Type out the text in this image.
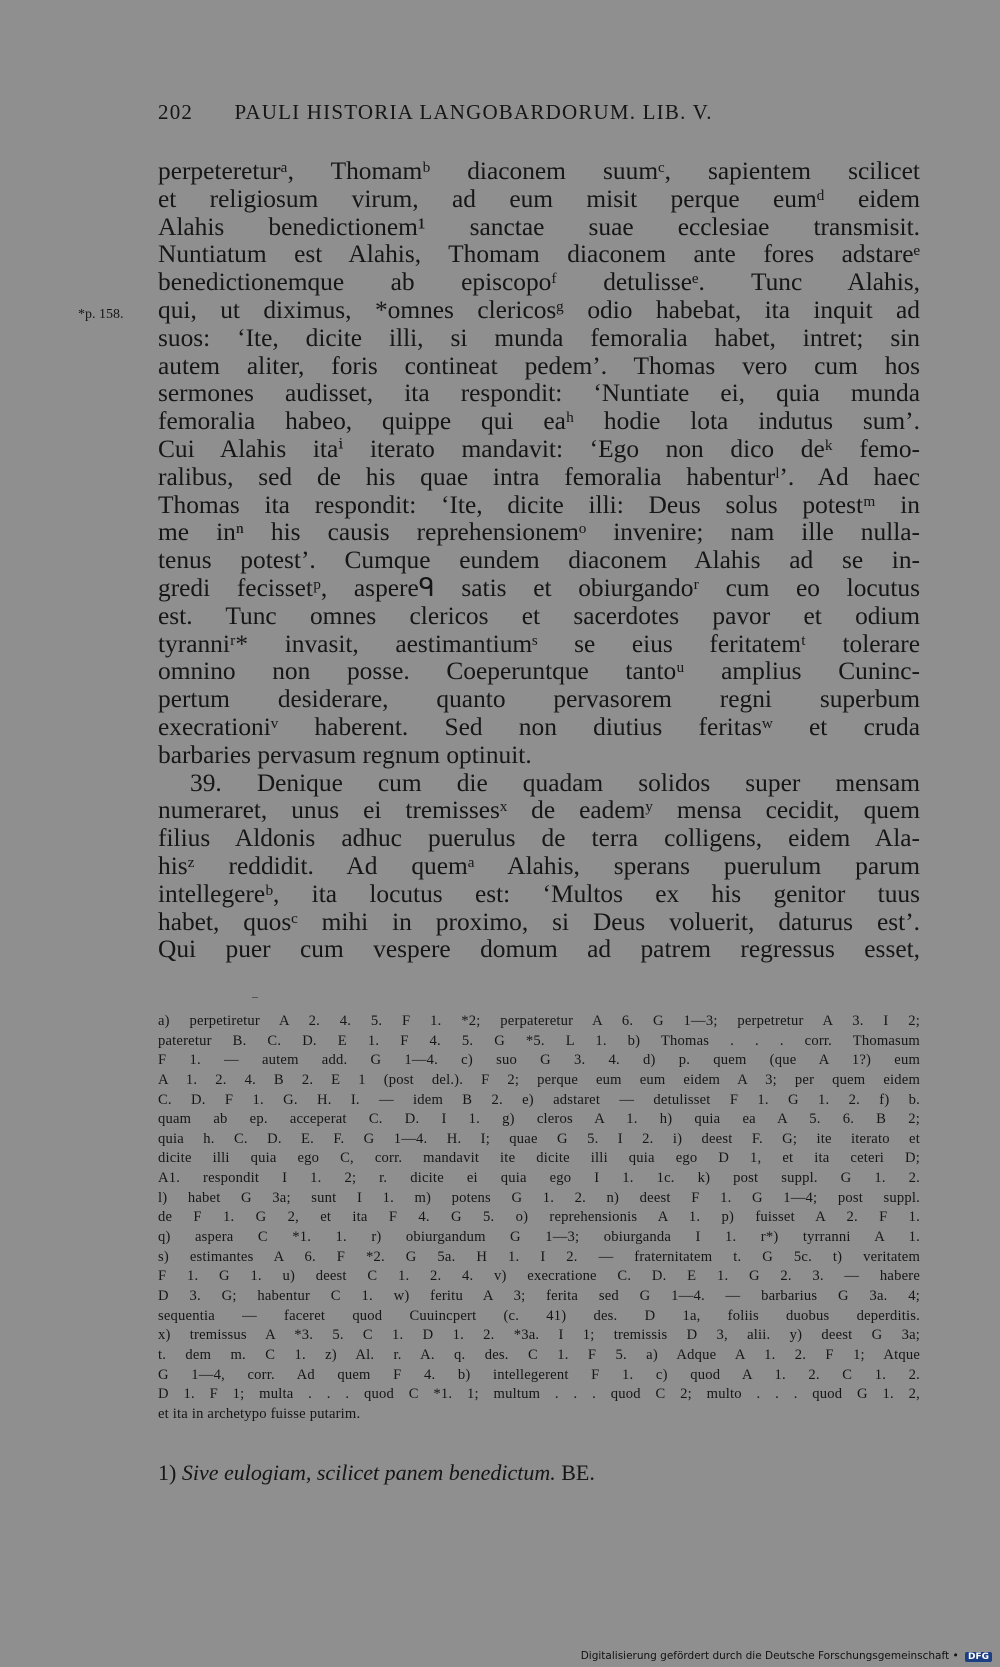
202 PAULI HISTORIA LANGOBARDORUM. LIB. V.
*p. 158.
perpetereturᵃ, Thomamᵇ diaconem suumᶜ, sapientem scilicet
et religiosum virum, ad eum misit perque eumᵈ eidem
Alahis benedictionem¹ sanctae suae ecclesiae transmisit.
Nuntiatum est Alahis, Thomam diaconem ante fores adstareᵉ
benedictionemque ab episcopoᶠ detulisseᵉ. Tunc Alahis,
qui, ut diximus, *omnes clericosᵍ odio habebat, ita inquit ad
suos: ‘Ite, dicite illi, si munda femoralia habet, intret; sin
autem aliter, foris contineat pedem’. Thomas vero cum hos
sermones audisset, ita respondit: ‘Nuntiate ei, quia munda
femoralia habeo, quippe qui eaʰ hodie lota indutus sum’.
Cui Alahis itaⁱ iterato mandavit: ‘Ego non dico deᵏ femo-
ralibus, sed de his quae intra femoralia habenturˡ’. Ad haec
Thomas ita respondit: ‘Ite, dicite illi: Deus solus potestᵐ in
me inⁿ his causis reprehensionemᵒ invenire; nam ille nulla-
tenus potest’. Cumque eundem diaconem Alahis ad se in-
gredi fecissetᵖ, aspereᑫ satis et obiurgandoʳ cum eo locutus
est. Tunc omnes clericos et sacerdotes pavor et odium
tyranniʳ* invasit, aestimantiumˢ se eius feritatemᵗ tolerare
omnino non posse. Coeperuntque tantoᵘ amplius Cuninc-
pertum desiderare, quanto pervasorem regni superbum
execrationiᵛ haberent. Sed non diutius feritasʷ et cruda
barbaries pervasum regnum optinuit.
39. Denique cum die quadam solidos super mensam
numeraret, unus ei tremissesˣ de eademʸ mensa cecidit, quem
filius Aldonis adhuc puerulus de terra colligens, eidem Ala-
hisᶻ reddidit. Ad quemᵃ Alahis, sperans puerulum parum
intellegereᵇ, ita locutus est: ‘Multos ex his genitor tuus
habet, quosᶜ mihi in proximo, si Deus voluerit, daturus est’.
Qui puer cum vespere domum ad patrem regressus esset,
a) perpetiretur A 2. 4. 5. F 1. *2; perpateretur A 6. G 1—3; perpetretur A 3. I 2;
pateretur B. C. D. E 1. F 4. 5. G *5. L 1. b) Thomas . . . corr. Thomasum
F 1. — autem add. G 1—4. c) suo G 3. 4. d) p. quem (que A 1?) eum
A 1. 2. 4. B 2. E 1 (post del.). F 2; perque eum eum eidem A 3; per quem eidem
C. D. F 1. G. H. I. — idem B 2. e) adstaret — detulisset F 1. G 1. 2. f) b.
quam ab ep. acceperat C. D. I 1. g) cleros A 1. h) quia ea A 5. 6. B 2;
quia h. C. D. E. F. G 1—4. H. I; quae G 5. I 2. i) deest F. G; ite iterato et
dicite illi quia ego C, corr. mandavit ite dicite illi quia ego D 1, et ita ceteri D;
A1. respondit I 1. 2; r. dicite ei quia ego I 1. 1c. k) post suppl. G 1. 2.
l) habet G 3a; sunt I 1. m) potens G 1. 2. n) deest F 1. G 1—4; post suppl.
de F 1. G 2, et ita F 4. G 5. o) reprehensionis A 1. p) fuisset A 2. F 1.
q) aspera C *1. 1. r) obiurgandum G 1—3; obiurganda I 1. r*) tyrranni A 1.
s) estimantes A 6. F *2. G 5a. H 1. I 2. — fraternitatem t. G 5c. t) veritatem
F 1. G 1. u) deest C 1. 2. 4. v) execratione C. D. E 1. G 2. 3. — habere
D 3. G; habentur C 1. w) feritu A 3; ferita sed G 1—4. — barbarius G 3a. 4;
sequentia — faceret quod Cuuincpert (c. 41) des. D 1a, foliis duobus deperditis.
x) tremissus A *3. 5. C 1. D 1. 2. *3a. I 1; tremissis D 3, alii. y) deest G 3a;
t. dem m. C 1. z) Al. r. A. q. des. C 1. F 5. a) Adque A 1. 2. F 1; Atque
G 1—4, corr. Ad quem F 4. b) intellegerent F 1. c) quod A 1. 2. C 1. 2.
D 1. F 1; multa . . . quod C *1. 1; multum . . . quod C 2; multo . . . quod G 1. 2,
et ita in archetypo fuisse putarim.
1) Sive eulogiam, scilicet panem benedictum. BE.
Digitalisierung gefördert durch die Deutsche Forschungsgemeinschaft • DFG
